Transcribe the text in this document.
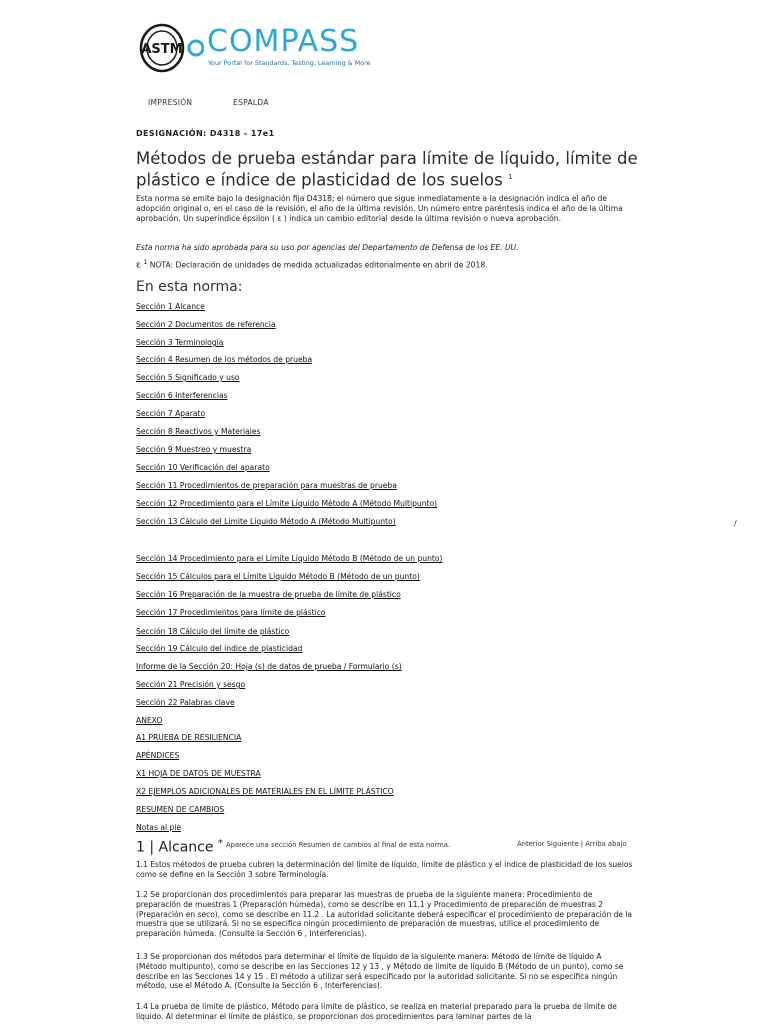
ASTM COMPASS
Your Portal for Standards, Testing, Learning & More
IMPRESIÓN	ESPALDA
DESIGNACIÓN: D4318 - 17e1
Métodos de prueba estándar para límite de líquido, límite de plástico e índice de plasticidad de los suelos $^1$
Esta norma se emite bajo la designación fija D4318; el número que sigue inmediatamente a la designación indica el año de adopción original o, en el caso de la revisión, el año de la última revisión. Un número entre paréntesis indica el año de la última aprobación. Un superíndice épsilon ( ε ) indica un cambio editorial desde la última revisión o nueva aprobación.
Esta norma ha sido aprobada para su uso por agencias del Departamento de Defensa de los EE. UU.
ε $^1$ NOTA: Declaración de unidades de medida actualizadas editorialmente en abril de 2018.
En esta norma:
Sección 1 Alcance
Sección 2 Documentos de referencia
Sección 3 Terminología
Sección 4 Resumen de los métodos de prueba
Sección 5 Significado y uso
Sección 6 Interferencias
Sección 7 Aparato
Sección 8 Reactivos y Materiales
Sección 9 Muestreo y muestra
Sección 10 Verificación del aparato
Sección 11 Procedimientos de preparación para muestras de prueba
Sección 12 Procedimiento para el Límite Líquido Método A (Método Multipunto)
Sección 13 Cálculo del Límite Líquido Método A (Método Multipunto)
Sección 14 Procedimiento para el Límite Líquido Método B (Método de un punto)
Sección 15 Cálculos para el Límite Líquido Método B (Método de un punto)
Sección 16 Preparación de la muestra de prueba de límite de plástico
Sección 17 Procedimientos para límite de plástico
Sección 18 Cálculo del límite de plástico
Sección 19 Cálculo del índice de plasticidad
Informe de la Sección 20: Hoja (s) de datos de prueba / Formulario (s)
Sección 21 Precisión y sesgo
Sección 22 Palabras clave
ANEXO
A1 PRUEBA DE RESILIENCIA
APÉNDICES
X1 HOJA DE DATOS DE MUESTRA
X2 EJEMPLOS ADICIONALES DE MATERIALES EN EL LÍMITE PLÁSTICO
RESUMEN DE CAMBIOS
Notas al pie
/
1 | Alcance * Aparece una sección Resumen de cambios al final de esta norma.	Anterior Siguiente | Arriba abajo
1.1 Estos métodos de prueba cubren la determinación del límite de líquido, límite de plástico y el índice de plasticidad de los suelos como se define en la Sección 3 sobre Terminología.
1.2 Se proporcionan dos procedimientos para preparar las muestras de prueba de la siguiente manera: Procedimiento de preparación de muestras 1 (Preparación húmeda), como se describe en 11.1 y Procedimiento de preparación de muestras 2 (Preparación en seco), como se describe en 11.2 . La autoridad solicitante deberá especificar el procedimiento de preparación de la muestra que se utilizará. Si no se especifica ningún procedimiento de preparación de muestras, utilice el procedimiento de preparación húmeda. (Consulte la Sección 6 , Interferencias).
1.3 Se proporcionan dos métodos para determinar el límite de líquido de la siguiente manera: Método de límite de líquido A (Método multipunto), como se describe en las Secciones 12 y 13 , y Método de límite de líquido B (Método de un punto), como se describe en las Secciones 14 y 15 . El método a utilizar será especificado por la autoridad solicitante. Si no se especifica ningún método, use el Método A. (Consulte la Sección 6 , Interferencias).
1.4 La prueba de límite de plástico, Método para límite de plástico, se realiza en material preparado para la prueba de límite de líquido. Al determinar el límite de plástico, se proporcionan dos procedimientos para laminar partes de la
